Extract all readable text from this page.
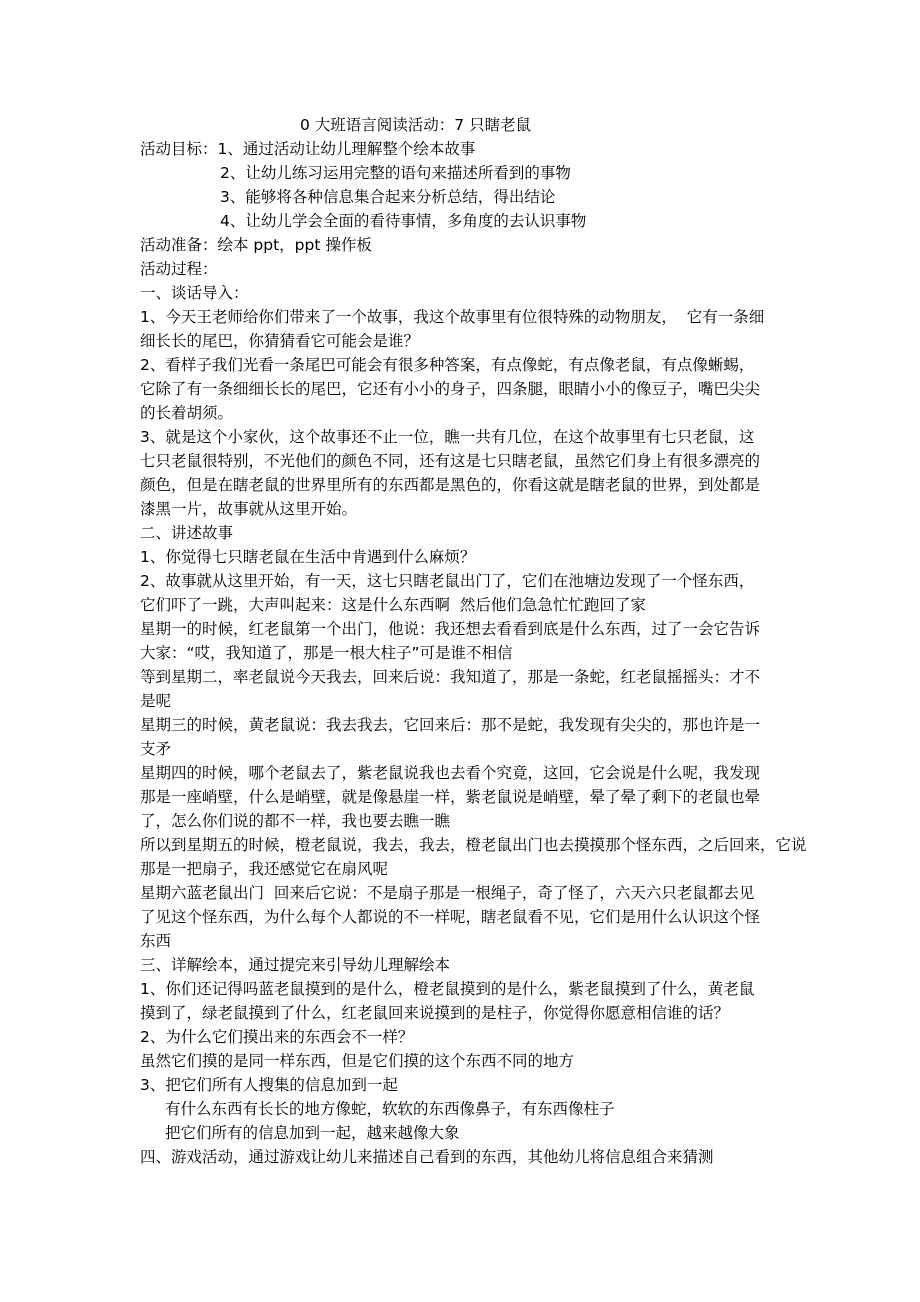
0 大班语言阅读活动：7 只瞎老鼠
活动目标：1、通过活动让幼儿理解整个绘本故事
2、让幼儿练习运用完整的语句来描述所看到的事物
3、能够将各种信息集合起来分析总结，得出结论
4、让幼儿学会全面的看待事情，多角度的去认识事物
活动准备：绘本 ppt，ppt 操作板
活动过程：
一、谈话导入：
1、今天王老师给你们带来了一个故事，我这个故事里有位很特殊的动物朋友，  它有一条细
细长长的尾巴，你猜猜看它可能会是谁？
2、看样子我们光看一条尾巴可能会有很多种答案，有点像蛇，有点像老鼠，有点像蜥蜴，
它除了有一条细细长长的尾巴，它还有小小的身子，四条腿，眼睛小小的像豆子，嘴巴尖尖
的长着胡须。
3、就是这个小家伙，这个故事还不止一位，瞧一共有几位，在这个故事里有七只老鼠，这
七只老鼠很特别，不光他们的颜色不同，还有这是七只瞎老鼠，虽然它们身上有很多漂亮的
颜色，但是在瞎老鼠的世界里所有的东西都是黑色的，你看这就是瞎老鼠的世界，到处都是
漆黑一片，故事就从这里开始。
二、讲述故事
1、你觉得七只瞎老鼠在生活中肯遇到什么麻烦？
2、故事就从这里开始，有一天，这七只瞎老鼠出门了，它们在池塘边发现了一个怪东西，
它们吓了一跳，大声叫起来：这是什么东西啊  然后他们急急忙忙跑回了家
星期一的时候，红老鼠第一个出门，他说：我还想去看看到底是什么东西，过了一会它告诉
大家：“哎，我知道了，那是一根大柱子”可是谁不相信
等到星期二，率老鼠说今天我去，回来后说：我知道了，那是一条蛇，红老鼠摇摇头：才不
是呢
星期三的时候，黄老鼠说：我去我去，它回来后：那不是蛇，我发现有尖尖的，那也许是一
支矛
星期四的时候，哪个老鼠去了，紫老鼠说我也去看个究竟，这回，它会说是什么呢，我发现
那是一座峭壁，什么是峭壁，就是像悬崖一样，紫老鼠说是峭壁，晕了晕了剩下的老鼠也晕
了，怎么你们说的都不一样，我也要去瞧一瞧
所以到星期五的时候，橙老鼠说，我去，我去，橙老鼠出门也去摸摸那个怪东西，之后回来，它说
那是一把扇子，我还感觉它在扇风呢
星期六蓝老鼠出门  回来后它说：不是扇子那是一根绳子，奇了怪了，六天六只老鼠都去见
了见这个怪东西，为什么每个人都说的不一样呢，瞎老鼠看不见，它们是用什么认识这个怪
东西
三、详解绘本，通过提完来引导幼儿理解绘本
1、你们还记得吗蓝老鼠摸到的是什么，橙老鼠摸到的是什么，紫老鼠摸到了什么，黄老鼠
摸到了，绿老鼠摸到了什么，红老鼠回来说摸到的是柱子，你觉得你愿意相信谁的话？
2、为什么它们摸出来的东西会不一样？
虽然它们摸的是同一样东西，但是它们摸的这个东西不同的地方
3、把它们所有人搜集的信息加到一起
有什么东西有长长的地方像蛇，软软的东西像鼻子，有东西像柱子
把它们所有的信息加到一起，越来越像大象
四、游戏活动，通过游戏让幼儿来描述自己看到的东西，其他幼儿将信息组合来猜测
